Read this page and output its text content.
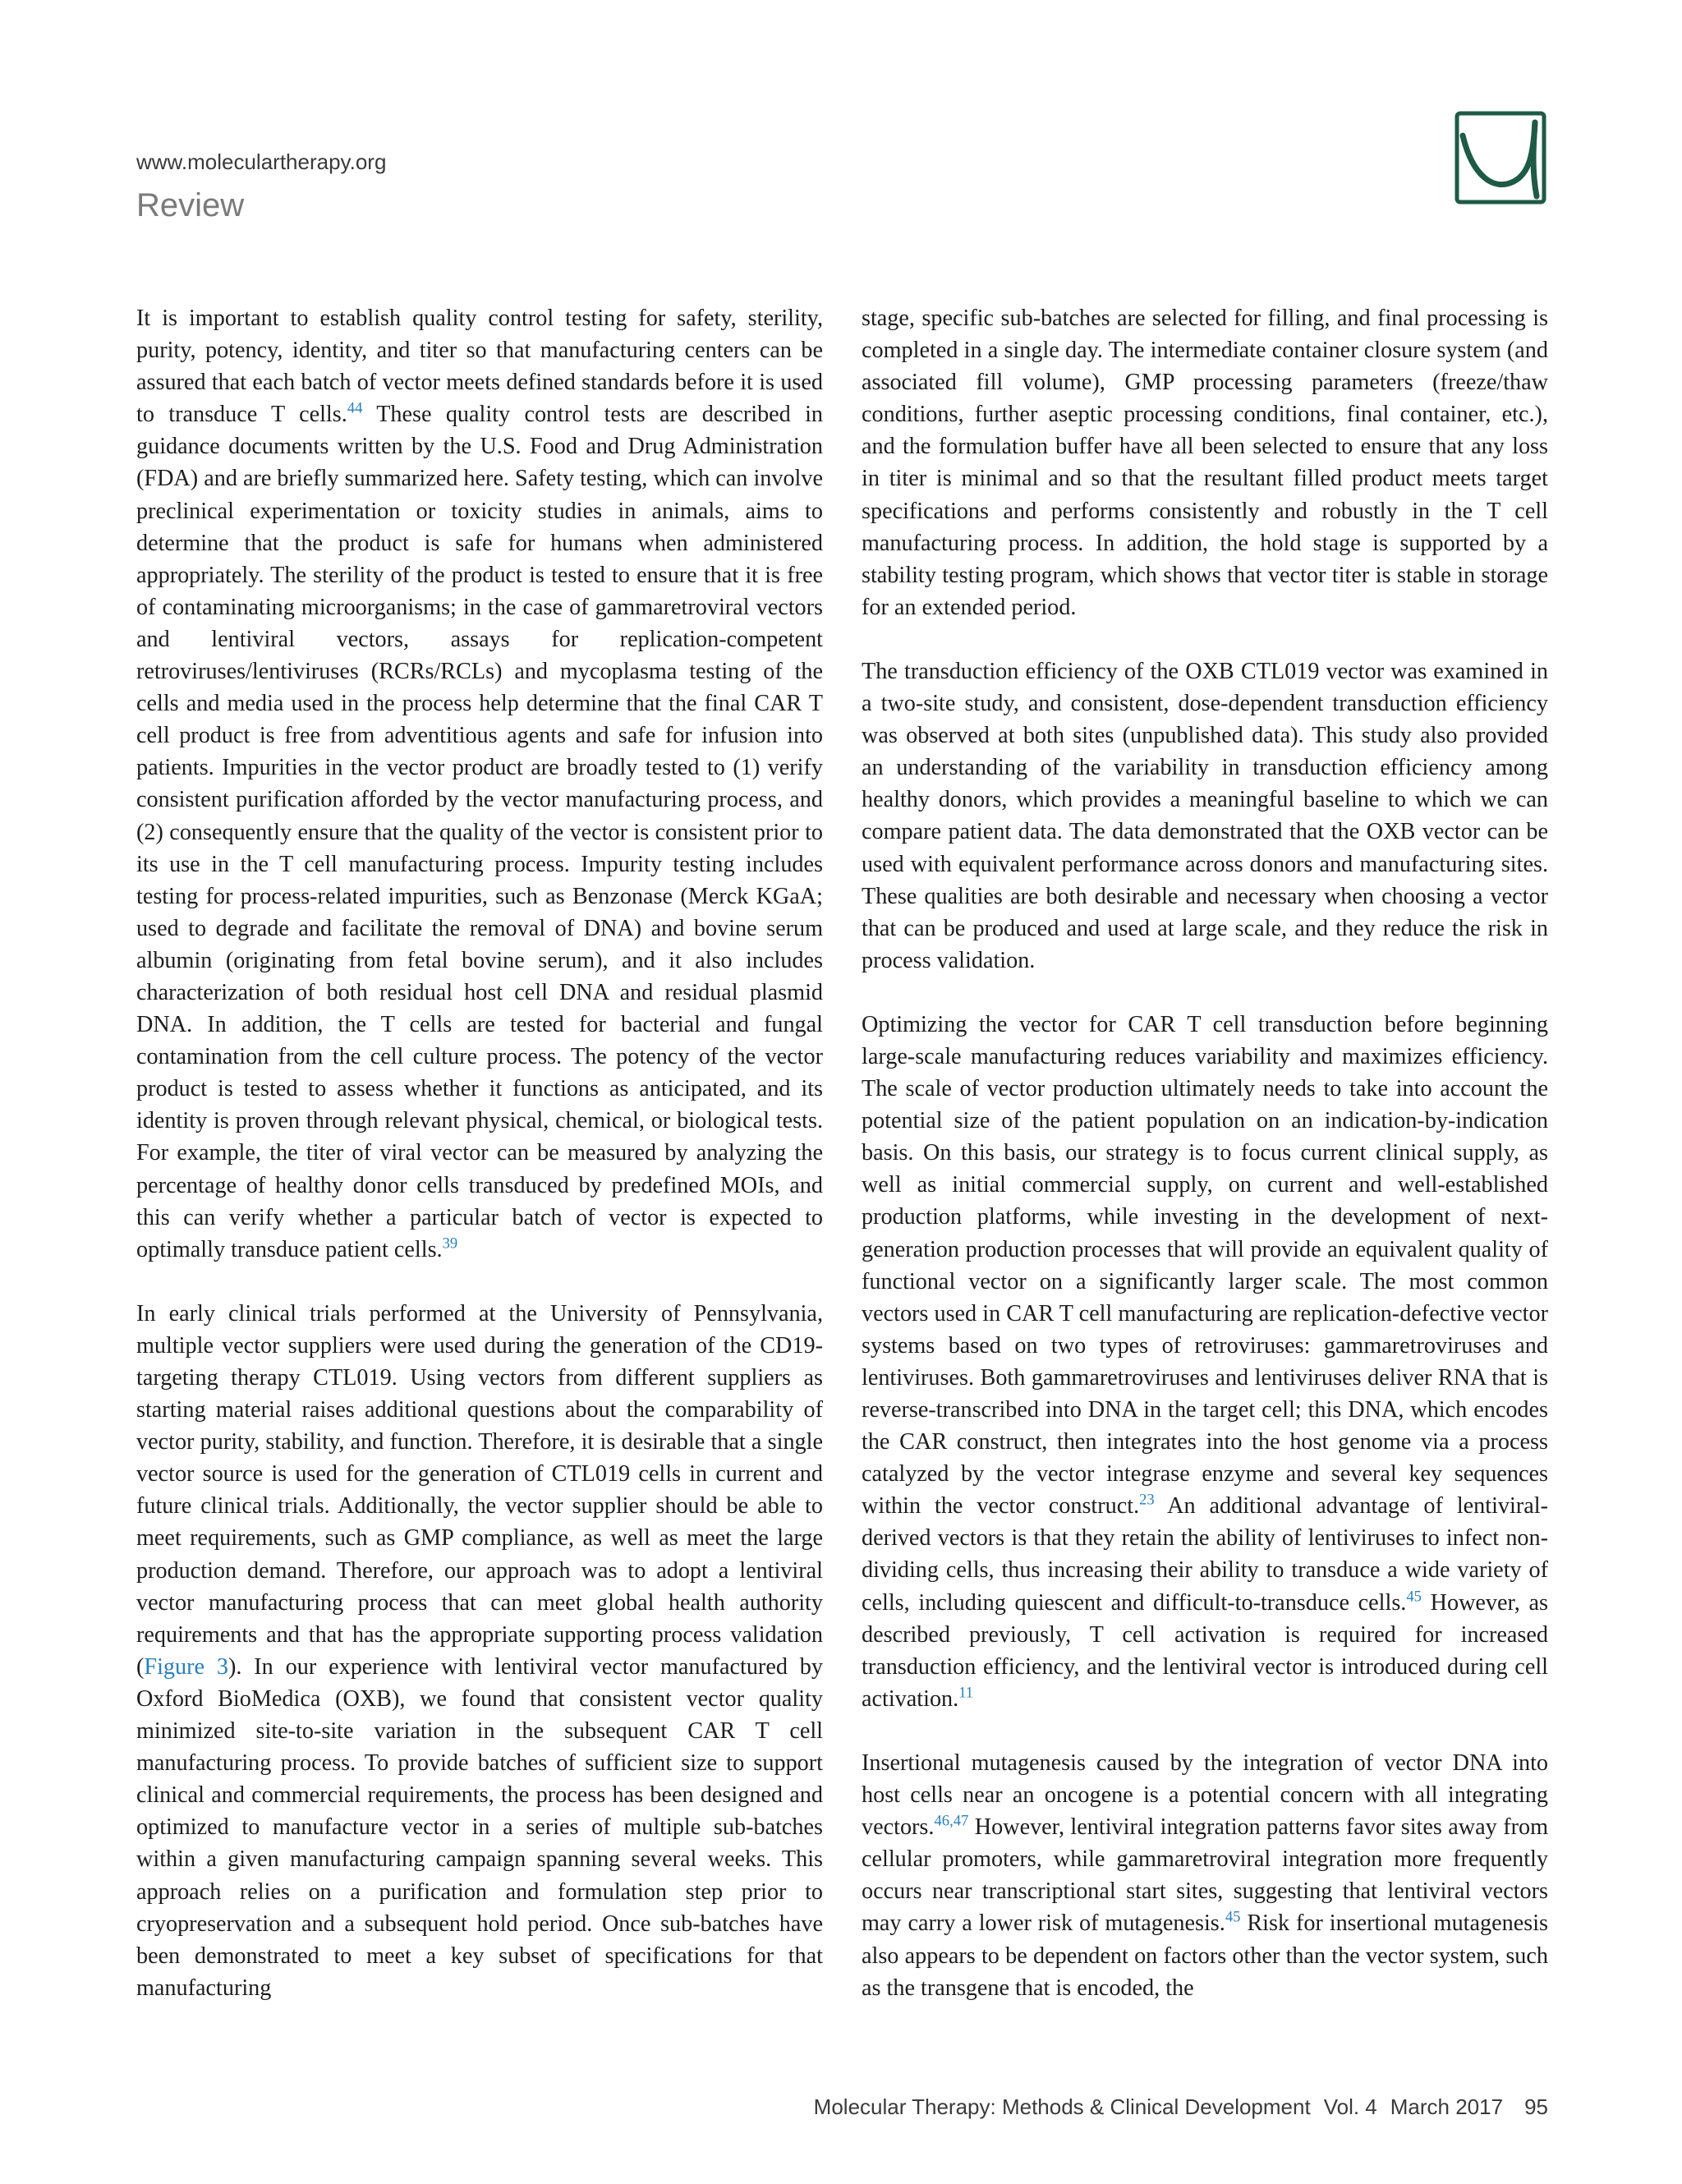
www.moleculartherapy.org
Review

It is important to establish quality control testing for safety, sterility, purity, potency, identity, and titer so that manufacturing centers can be assured that each batch of vector meets defined standards before it is used to transduce T cells.$^{44}$ These quality control tests are described in guidance documents written by the U.S. Food and Drug Administration (FDA) and are briefly summarized here. Safety testing, which can involve preclinical experimentation or toxicity studies in animals, aims to determine that the product is safe for humans when administered appropriately. The sterility of the product is tested to ensure that it is free of contaminating microorganisms; in the case of gammaretroviral vectors and lentiviral vectors, assays for replication-competent retroviruses/lentiviruses (RCRs/RCLs) and mycoplasma testing of the cells and media used in the process help determine that the final CAR T cell product is free from adventitious agents and safe for infusion into patients. Impurities in the vector product are broadly tested to (1) verify consistent purification afforded by the vector manufacturing process, and (2) consequently ensure that the quality of the vector is consistent prior to its use in the T cell manufacturing process. Impurity testing includes testing for process-related impurities, such as Benzonase (Merck KGaA; used to degrade and facilitate the removal of DNA) and bovine serum albumin (originating from fetal bovine serum), and it also includes characterization of both residual host cell DNA and residual plasmid DNA. In addition, the T cells are tested for bacterial and fungal contamination from the cell culture process. The potency of the vector product is tested to assess whether it functions as anticipated, and its identity is proven through relevant physical, chemical, or biological tests. For example, the titer of viral vector can be measured by analyzing the percentage of healthy donor cells transduced by predefined MOIs, and this can verify whether a particular batch of vector is expected to optimally transduce patient cells.$^{39}$

In early clinical trials performed at the University of Pennsylvania, multiple vector suppliers were used during the generation of the CD19-targeting therapy CTL019. Using vectors from different suppliers as starting material raises additional questions about the comparability of vector purity, stability, and function. Therefore, it is desirable that a single vector source is used for the generation of CTL019 cells in current and future clinical trials. Additionally, the vector supplier should be able to meet requirements, such as GMP compliance, as well as meet the large production demand. Therefore, our approach was to adopt a lentiviral vector manufacturing process that can meet global health authority requirements and that has the appropriate supporting process validation (Figure 3). In our experience with lentiviral vector manufactured by Oxford BioMedica (OXB), we found that consistent vector quality minimized site-to-site variation in the subsequent CAR T cell manufacturing process. To provide batches of sufficient size to support clinical and commercial requirements, the process has been designed and optimized to manufacture vector in a series of multiple sub-batches within a given manufacturing campaign spanning several weeks. This approach relies on a purification and formulation step prior to cryopreservation and a subsequent hold period. Once sub-batches have been demonstrated to meet a key subset of specifications for that manufacturing

stage, specific sub-batches are selected for filling, and final processing is completed in a single day. The intermediate container closure system (and associated fill volume), GMP processing parameters (freeze/thaw conditions, further aseptic processing conditions, final container, etc.), and the formulation buffer have all been selected to ensure that any loss in titer is minimal and so that the resultant filled product meets target specifications and performs consistently and robustly in the T cell manufacturing process. In addition, the hold stage is supported by a stability testing program, which shows that vector titer is stable in storage for an extended period.

The transduction efficiency of the OXB CTL019 vector was examined in a two-site study, and consistent, dose-dependent transduction efficiency was observed at both sites (unpublished data). This study also provided an understanding of the variability in transduction efficiency among healthy donors, which provides a meaningful baseline to which we can compare patient data. The data demonstrated that the OXB vector can be used with equivalent performance across donors and manufacturing sites. These qualities are both desirable and necessary when choosing a vector that can be produced and used at large scale, and they reduce the risk in process validation.

Optimizing the vector for CAR T cell transduction before beginning large-scale manufacturing reduces variability and maximizes efficiency. The scale of vector production ultimately needs to take into account the potential size of the patient population on an indication-by-indication basis. On this basis, our strategy is to focus current clinical supply, as well as initial commercial supply, on current and well-established production platforms, while investing in the development of next-generation production processes that will provide an equivalent quality of functional vector on a significantly larger scale. The most common vectors used in CAR T cell manufacturing are replication-defective vector systems based on two types of retroviruses: gammaretroviruses and lentiviruses. Both gammaretroviruses and lentiviruses deliver RNA that is reverse-transcribed into DNA in the target cell; this DNA, which encodes the CAR construct, then integrates into the host genome via a process catalyzed by the vector integrase enzyme and several key sequences within the vector construct.$^{23}$ An additional advantage of lentiviral-derived vectors is that they retain the ability of lentiviruses to infect non-dividing cells, thus increasing their ability to transduce a wide variety of cells, including quiescent and difficult-to-transduce cells.$^{45}$ However, as described previously, T cell activation is required for increased transduction efficiency, and the lentiviral vector is introduced during cell activation.$^{11}$

Insertional mutagenesis caused by the integration of vector DNA into host cells near an oncogene is a potential concern with all integrating vectors.$^{46,47}$ However, lentiviral integration patterns favor sites away from cellular promoters, while gammaretroviral integration more frequently occurs near transcriptional start sites, suggesting that lentiviral vectors may carry a lower risk of mutagenesis.$^{45}$ Risk for insertional mutagenesis also appears to be dependent on factors other than the vector system, such as the transgene that is encoded, the

Molecular Therapy: Methods & Clinical Development Vol. 4 March 2017 95
